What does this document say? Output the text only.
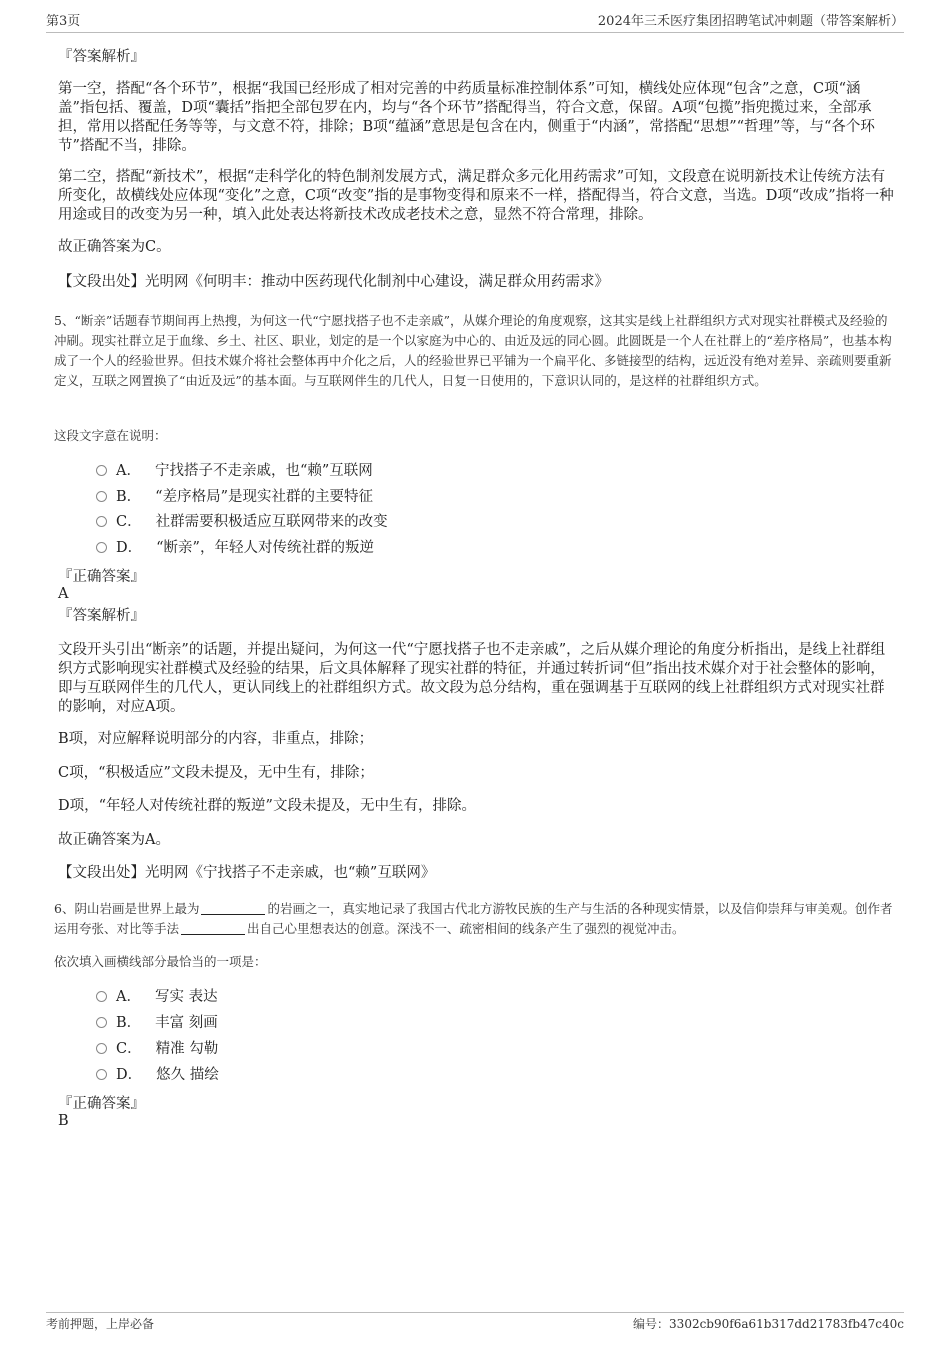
第3页	2024年三禾医疗集团招聘笔试冲刺题（带答案解析）

『答案解析』

第一空，搭配“各个环节”，根据“我国已经形成了相对完善的中药质量标准控制体系”可知，横线处应体现“包含”之意，C项“涵盖”指包括、覆盖，D项“囊括”指把全部包罗在内，均与“各个环节”搭配得当，符合文意，保留。A项“包揽”指兜揽过来，全部承担，常用以搭配任务等等，与文意不符，排除；B项“蕴涵”意思是包含在内，侧重于“内涵”，常搭配“思想”“哲理”等，与“各个环节”搭配不当，排除。

第二空，搭配“新技术”，根据“走科学化的特色制剂发展方式，满足群众多元化用药需求”可知，文段意在说明新技术让传统方法有所变化，故横线处应体现“变化”之意，C项“改变”指的是事物变得和原来不一样，搭配得当，符合文意，当选。D项“改成”指将一种用途或目的改变为另一种，填入此处表达将新技术改成老技术之意，显然不符合常理，排除。

故正确答案为C。

【文段出处】光明网《何明丰：推动中医药现代化制剂中心建设，满足群众用药需求》

5、“断亲”话题春节期间再上热搜，为何这一代“宁愿找搭子也不走亲戚”，从媒介理论的角度观察，这其实是线上社群组织方式对现实社群模式及经验的冲刷。现实社群立足于血缘、乡土、社区、职业，划定的是一个以家庭为中心的、由近及远的同心圆。此圆既是一个人在社群上的“差序格局”，也基本构成了一个人的经验世界。但技术媒介将社会整体再中介化之后，人的经验世界已平铺为一个扁平化、多链接型的结构，远近没有绝对差异、亲疏则要重新定义，互联之网置换了“由近及远”的基本面。与互联网伴生的几代人，日复一日使用的，下意识认同的，是这样的社群组织方式。

这段文字意在说明：

A． 宁找搭子不走亲戚，也“赖”互联网
B． “差序格局”是现实社群的主要特征
C． 社群需要积极适应互联网带来的改变
D． “断亲”，年轻人对传统社群的叛逆

『正确答案』

A

『答案解析』

文段开头引出“断亲”的话题，并提出疑问，为何这一代“宁愿找搭子也不走亲戚”，之后从媒介理论的角度分析指出，是线上社群组织方式影响现实社群模式及经验的结果，后文具体解释了现实社群的特征，并通过转折词“但”指出技术媒介对于社会整体的影响，即与互联网伴生的几代人，更认同线上的社群组织方式。故文段为总分结构，重在强调基于互联网的线上社群组织方式对现实社群的影响，对应A项。

B项，对应解释说明部分的内容，非重点，排除；

C项，“积极适应”文段未提及，无中生有，排除；

D项，“年轻人对传统社群的叛逆”文段未提及，无中生有，排除。

故正确答案为A。

【文段出处】光明网《宁找搭子不走亲戚，也“赖”互联网》

6、阴山岩画是世界上最为	的岩画之一，真实地记录了我国古代北方游牧民族的生产与生活的各种现实情景，以及信仰崇拜与审美观。创作者运用夸张、对比等手法	出自己心里想表达的创意。深浅不一、疏密相间的线条产生了强烈的视觉冲击。

依次填入画横线部分最恰当的一项是：

A． 写实 表达
B． 丰富 刻画
C． 精准 勾勒
D． 悠久 描绘

『正确答案』

B

考前押题，上岸必备	编号：3302cb90f6a61b317dd21783fb47c40c
